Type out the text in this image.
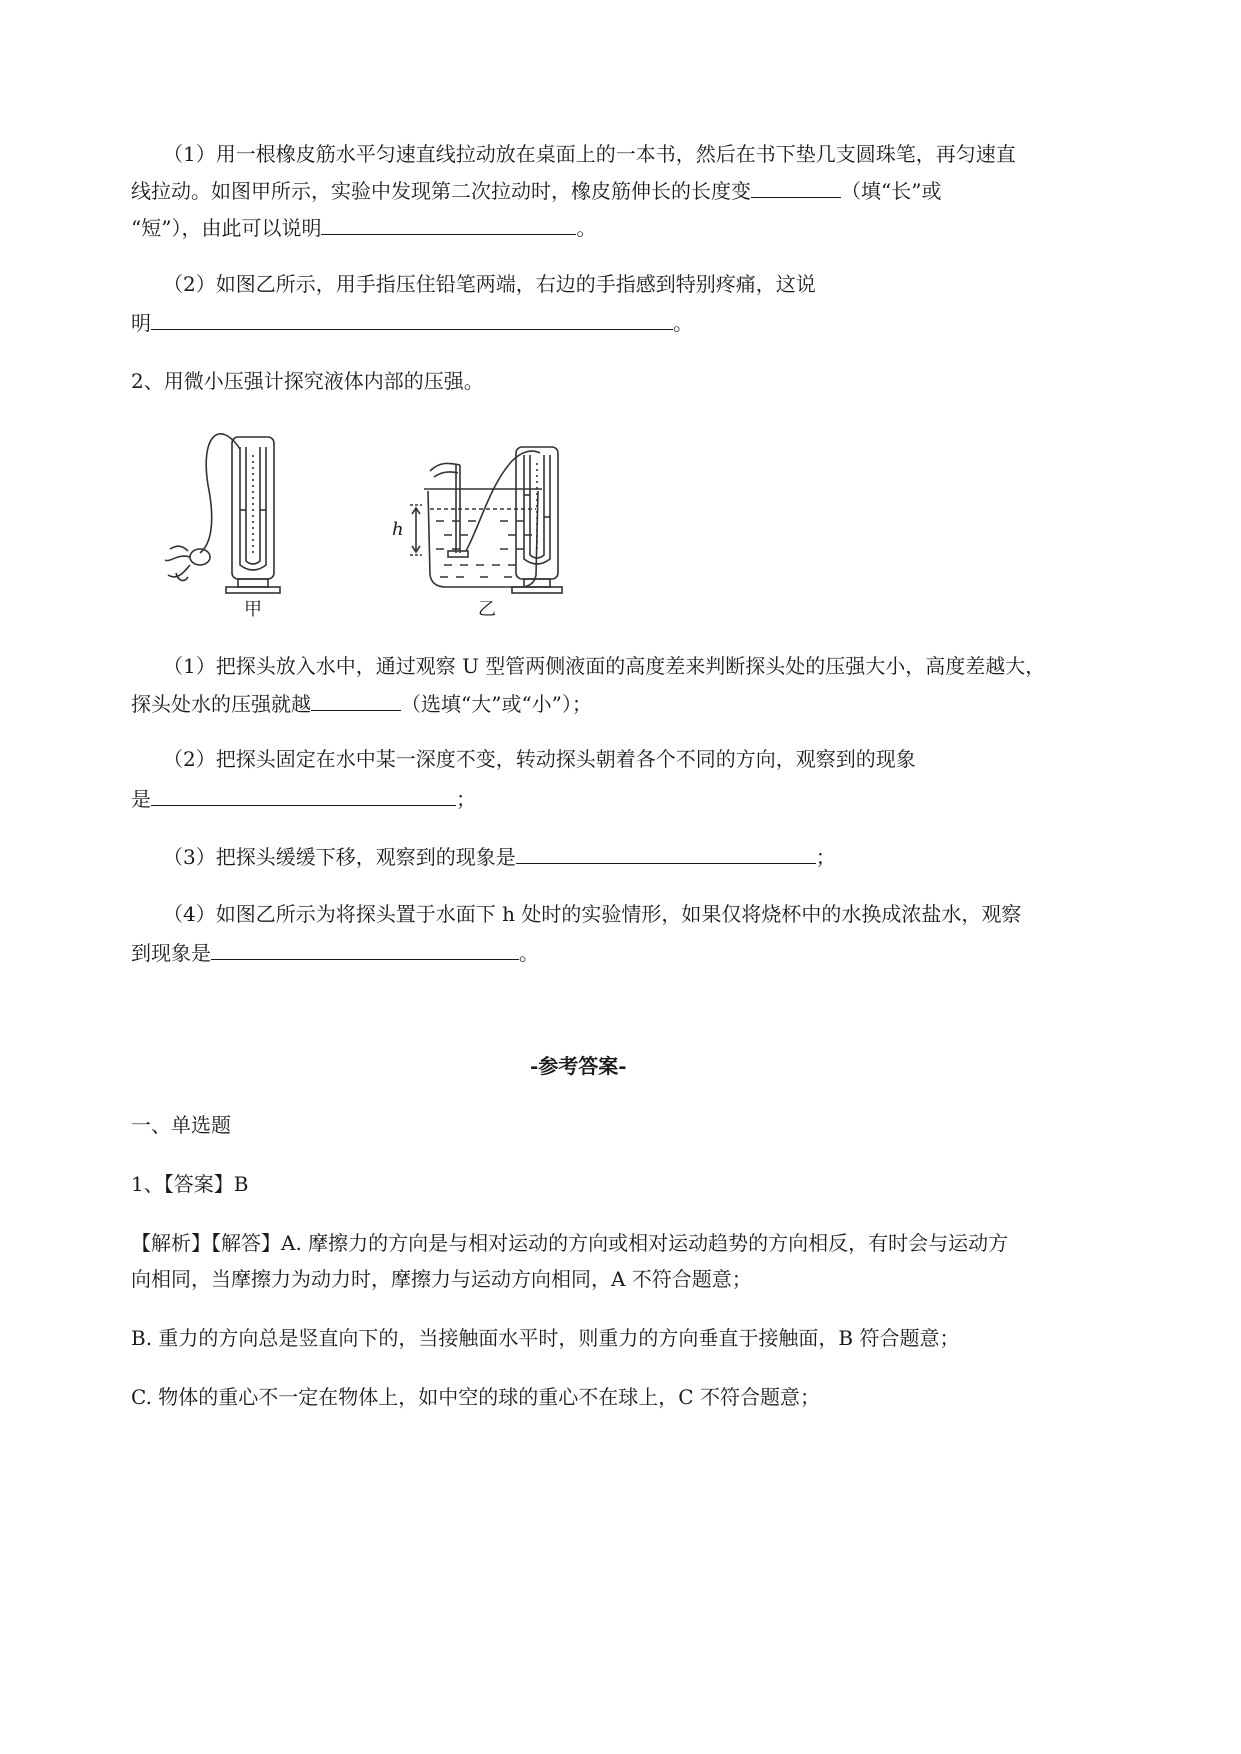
（1）用一根橡皮筋水平匀速直线拉动放在桌面上的一本书，然后在书下垫几支圆珠笔，再匀速直
线拉动。如图甲所示，实验中发现第二次拉动时，橡皮筋伸长的长度变	（填“长”或
“短”），由此可以说明	。
（2）如图乙所示，用手指压住铅笔两端，右边的手指感到特别疼痛，这说
明	。
2、用微小压强计探究液体内部的压强。
甲	乙
h
（1）把探头放入水中，通过观察 U 型管两侧液面的高度差来判断探头处的压强大小，高度差越大，
探头处水的压强就越	（选填“大”或“小”）；
（2）把探头固定在水中某一深度不变，转动探头朝着各个不同的方向，观察到的现象
是	；
（3）把探头缓缓下移，观察到的现象是	；
（4）如图乙所示为将探头置于水面下 h 处时的实验情形，如果仅将烧杯中的水换成浓盐水，观察
到现象是	。
-参考答案-
一、单选题
1、【答案】B
【解析】【解答】A. 摩擦力的方向是与相对运动的方向或相对运动趋势的方向相反，有时会与运动方
向相同，当摩擦力为动力时，摩擦力与运动方向相同，A 不符合题意；
B. 重力的方向总是竖直向下的，当接触面水平时，则重力的方向垂直于接触面，B 符合题意；
C. 物体的重心不一定在物体上，如中空的球的重心不在球上，C 不符合题意；
